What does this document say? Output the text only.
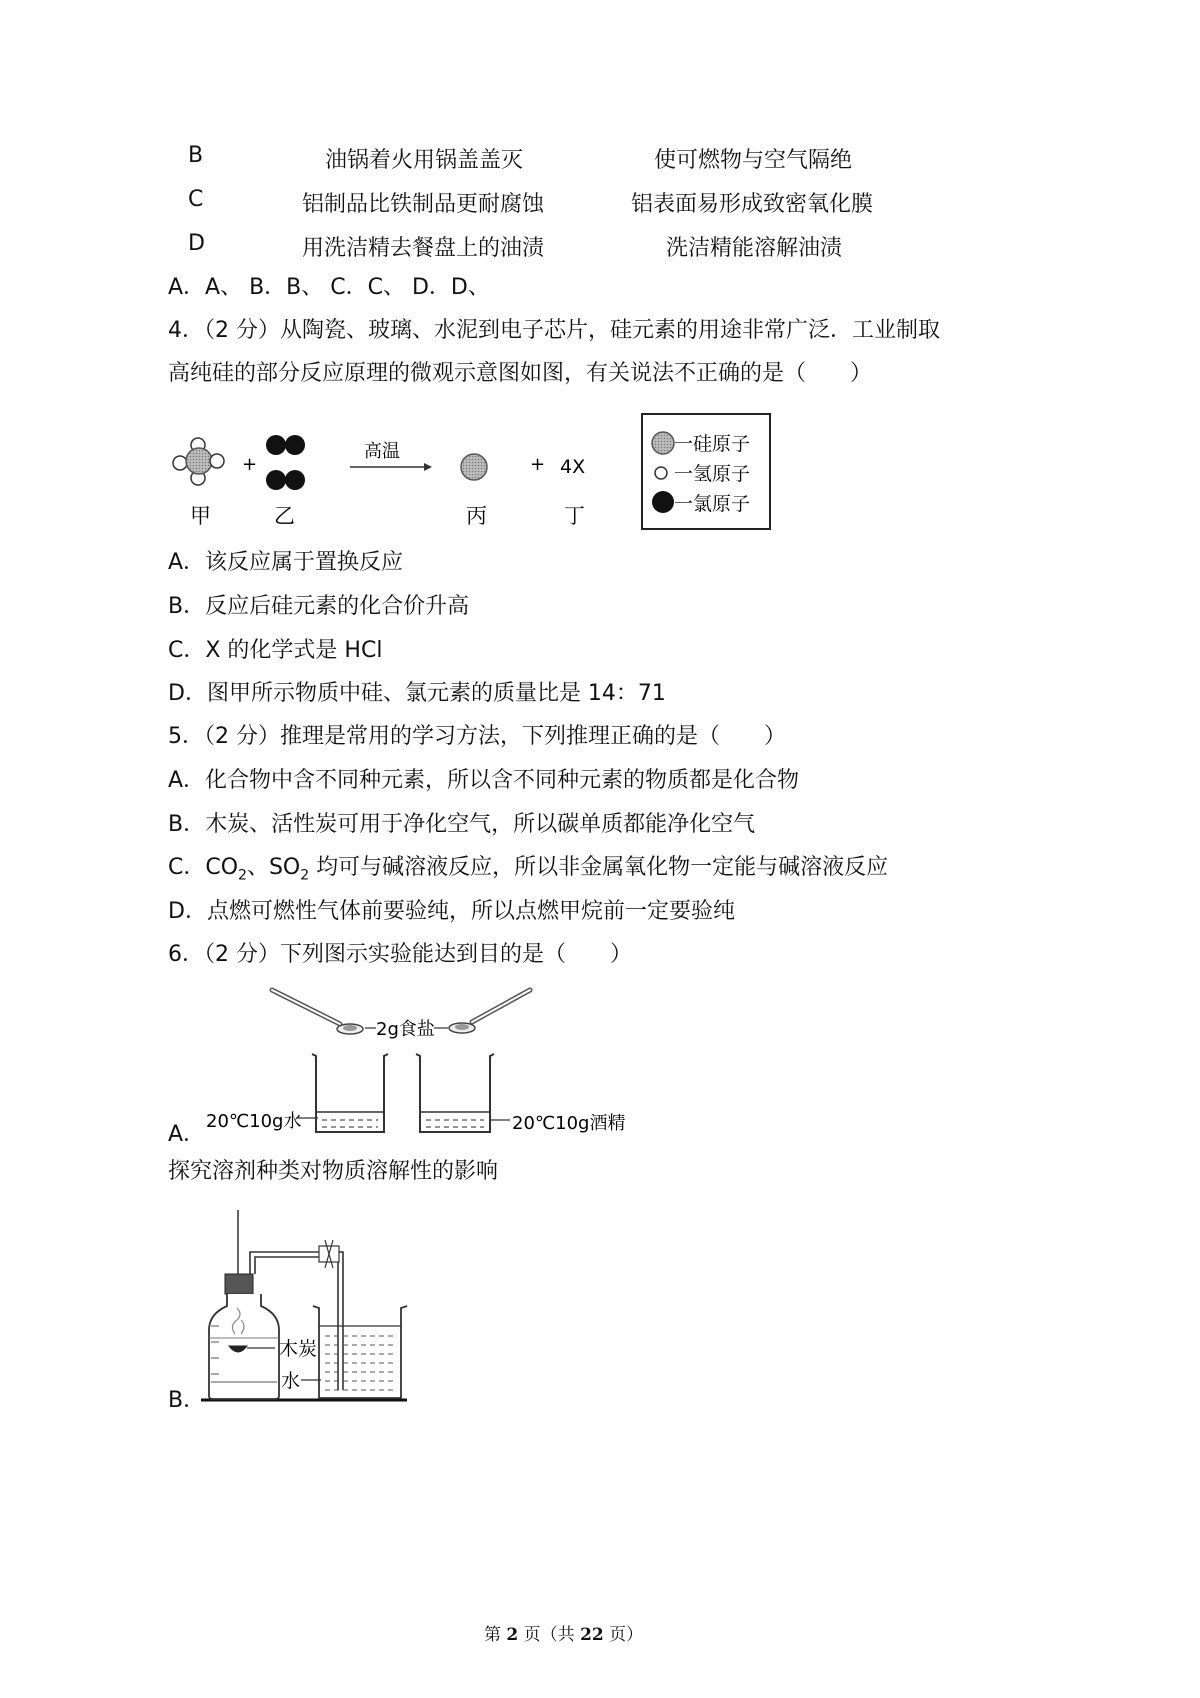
B	油锅着火用锅盖盖灭	使可燃物与空气隔绝
C	铝制品比铁制品更耐腐蚀	铝表面易形成致密氧化膜
D	用洗洁精去餐盘上的油渍	洗洁精能溶解油渍
A．A、 B．B、 C．C、 D．D、
4．（2 分）从陶瓷、玻璃、水泥到电子芯片，硅元素的用途非常广泛．工业制取
高纯硅的部分反应原理的微观示意图如图，有关说法不正确的是（　　）
+
高温
+ 4X
甲	乙	丙	丁
一硅原子
一氢原子
一氯原子
A．该反应属于置换反应
B．反应后硅元素的化合价升高
C．X 的化学式是 HCl
D．图甲所示物质中硅、氯元素的质量比是 14：71
5．（2 分）推理是常用的学习方法，下列推理正确的是（　　）
A．化合物中含不同种元素，所以含不同种元素的物质都是化合物
B．木炭、活性炭可用于净化空气，所以碳单质都能净化空气
C．$CO_2$、$SO_2$ 均可与碱溶液反应，所以非金属氧化物一定能与碱溶液反应
D．点燃可燃性气体前要验纯，所以点燃甲烷前一定要验纯
6．（2 分）下列图示实验能达到目的是（　　）
A．
2g食盐
20℃10g水	20℃10g酒精
探究溶剂种类对物质溶解性的影响
B．
木炭
水
第 2 页（共 22 页）
